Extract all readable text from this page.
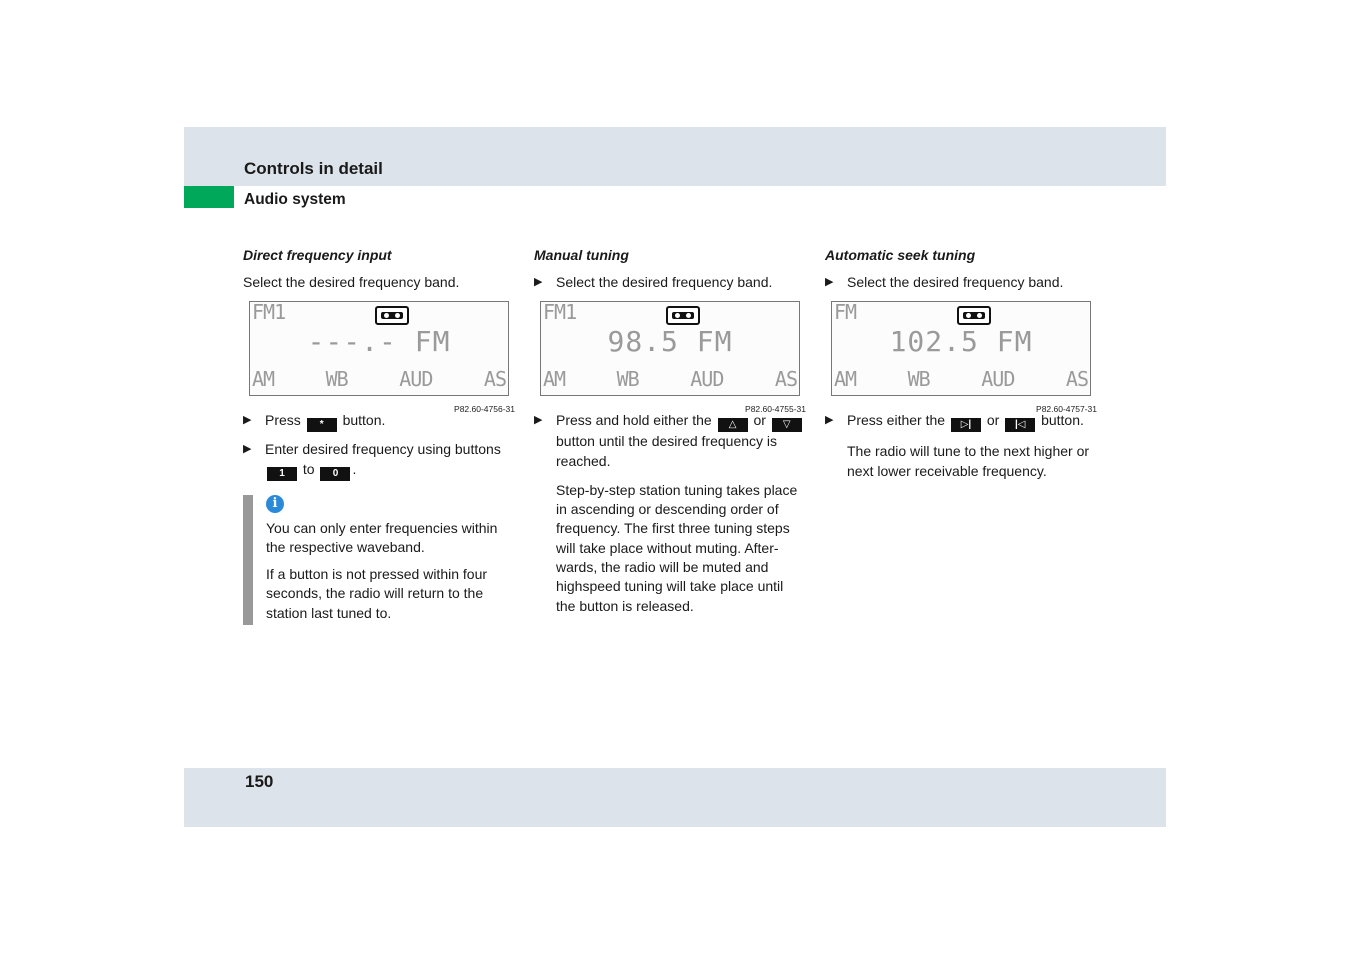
Controls in detail
Audio system

Direct frequency input

Select the desired frequency band.

FM1
---.- FM
AM	WB	AUD	AS
P82.60-4756-31
▶ Press * button.
▶ Enter desired frequency using buttons 1 to 0 .
i

You can only enter frequencies within the respective waveband.

If a button is not pressed within four seconds, the radio will return to the station last tuned to.

Manual tuning

▶ Select the desired frequency band.
FM1
98.5 FM
AM	WB	AUD	AS
P82.60-4755-31
▶ Press and hold either the △ or ▽ button until the desired frequency is reached.

Step-by-step station tuning takes place in ascending or descending order of frequency. The first three tuning steps will take place without muting. After-wards, the radio will be muted and highspeed tuning will take place until the button is released.

Automatic seek tuning

▶ Select the desired frequency band.
FM
102.5 FM
AM	WB	AUD	AS
P82.60-4757-31
▶ Press either the ▷| or |◁ button.

The radio will tune to the next higher or next lower receivable frequency.

150
